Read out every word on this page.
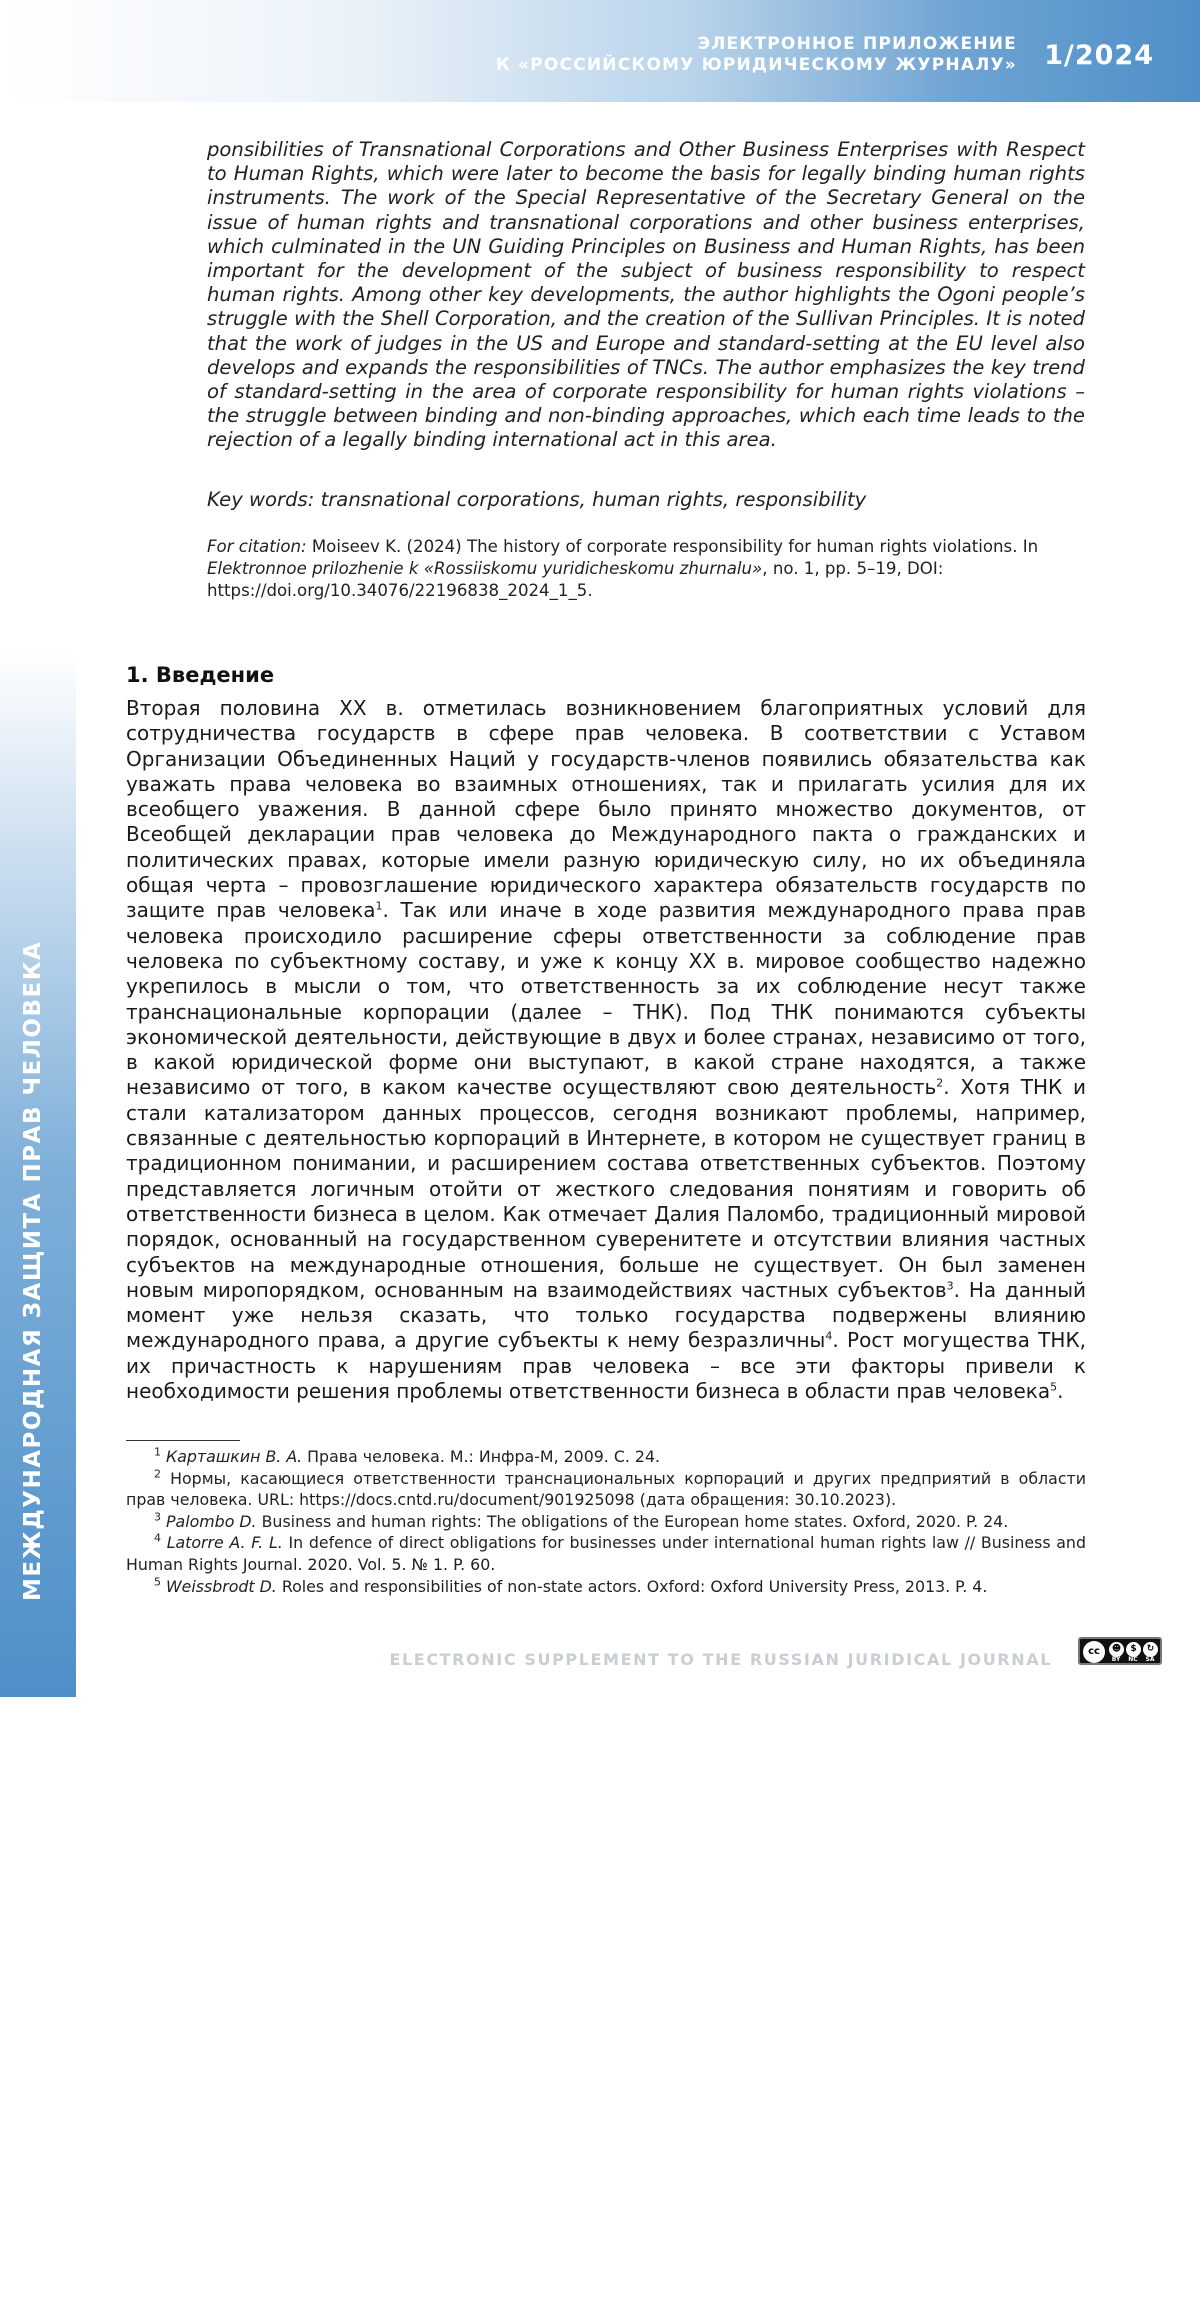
ЭЛЕКТРОННОЕ ПРИЛОЖЕНИЕ
К «РОССИЙСКОМУ ЮРИДИЧЕСКОМУ ЖУРНАЛУ» 1/2024
МЕЖДУНАРОДНАЯ ЗАЩИТА ПРАВ ЧЕЛОВЕКА
6
ponsibilities of Transnational Corporations and Other Business Enterprises with Respect to Human Rights, which were later to become the basis for legally binding human rights instruments. The work of the Special Representative of the Secretary General on the issue of human rights and transnational corporations and other business enterprises, which culminated in the UN Guiding Principles on Business and Human Rights, has been important for the development of the subject of business responsibility to respect human rights. Among other key developments, the author highlights the Ogoni people’s struggle with the Shell Corporation, and the creation of the Sullivan Principles. It is noted that the work of judges in the US and Europe and standard-setting at the EU level also develops and expands the responsibilities of TNCs. The author emphasizes the key trend of standard-setting in the area of corporate responsibility for human rights violations – the struggle between binding and non-binding approaches, which each time leads to the rejection of a legally binding international act in this area.
Key words: transnational corporations, human rights, responsibility
For citation: Moiseev K. (2024) The history of corporate responsibility for human rights violations. In Elektronnoe prilozhenie k «Rossiiskomu yuridicheskomu zhurnalu», no. 1, pp. 5–19, DOI: https://doi.org/10.34076/22196838_2024_1_5.
1. Введение
Вторая половина XX в. отметилась возникновением благоприятных условий для сотрудничества государств в сфере прав человека. В соответствии с Уставом Организации Объединенных Наций у государств-членов появились обязательства как уважать права человека во взаимных отношениях, так и прилагать усилия для их всеобщего уважения. В данной сфере было принято множество документов, от Всеобщей декларации прав человека до Международного пакта о гражданских и политических правах, которые имели разную юридическую силу, но их объединяла общая черта – провозглашение юридического характера обязательств государств по защите прав человека1. Так или иначе в ходе развития международного права прав человека происходило расширение сферы ответственности за соблюдение прав человека по субъектному составу, и уже к концу XX в. мировое сообщество надежно укрепилось в мысли о том, что ответственность за их соблюдение несут также транснациональные корпорации (далее – ТНК). Под ТНК понимаются субъекты экономической деятельности, действующие в двух и более странах, независимо от того, в какой юридической форме они выступают, в какой стране находятся, а также независимо от того, в каком качестве осуществляют свою деятельность2. Хотя ТНК и стали катализатором данных процессов, сегодня возникают проблемы, например, связанные с деятельностью корпораций в Интернете, в котором не существует границ в традиционном понимании, и расширением состава ответственных субъектов. Поэтому представляется логичным отойти от жесткого следования понятиям и говорить об ответственности бизнеса в целом. Как отмечает Далия Паломбо, традиционный мировой порядок, основанный на государственном суверенитете и отсутствии влияния частных субъектов на международные отношения, больше не существует. Он был заменен новым миропорядком, основанным на взаимодействиях частных субъектов3. На данный момент уже нельзя сказать, что только государства подвержены влиянию международного права, а другие субъекты к нему безразличны4. Рост могущества ТНК, их причастность к нарушениям прав человека – все эти факторы привели к необходимости решения проблемы ответственности бизнеса в области прав человека5.
1 Карташкин В. А. Права человека. М.: Инфра-М, 2009. С. 24.
2 Нормы, касающиеся ответственности транснациональных корпораций и других предприятий в области прав человека. URL: https://docs.cntd.ru/document/901925098 (дата обращения: 30.10.2023).
3 Palombo D. Business and human rights: The obligations of the European home states. Oxford, 2020. P. 24.
4 Latorre A. F. L. In defence of direct obligations for businesses under international human rights law // Business and Human Rights Journal. 2020. Vol. 5. № 1. P. 60.
5 Weissbrodt D. Roles and responsibilities of non-state actors. Oxford: Oxford University Press, 2013. P. 4.
ELECTRONIC SUPPLEMENT TO THE RUSSIAN JURIDICAL JOURNAL	cc	☻	$	↻
BY	NC	SA
